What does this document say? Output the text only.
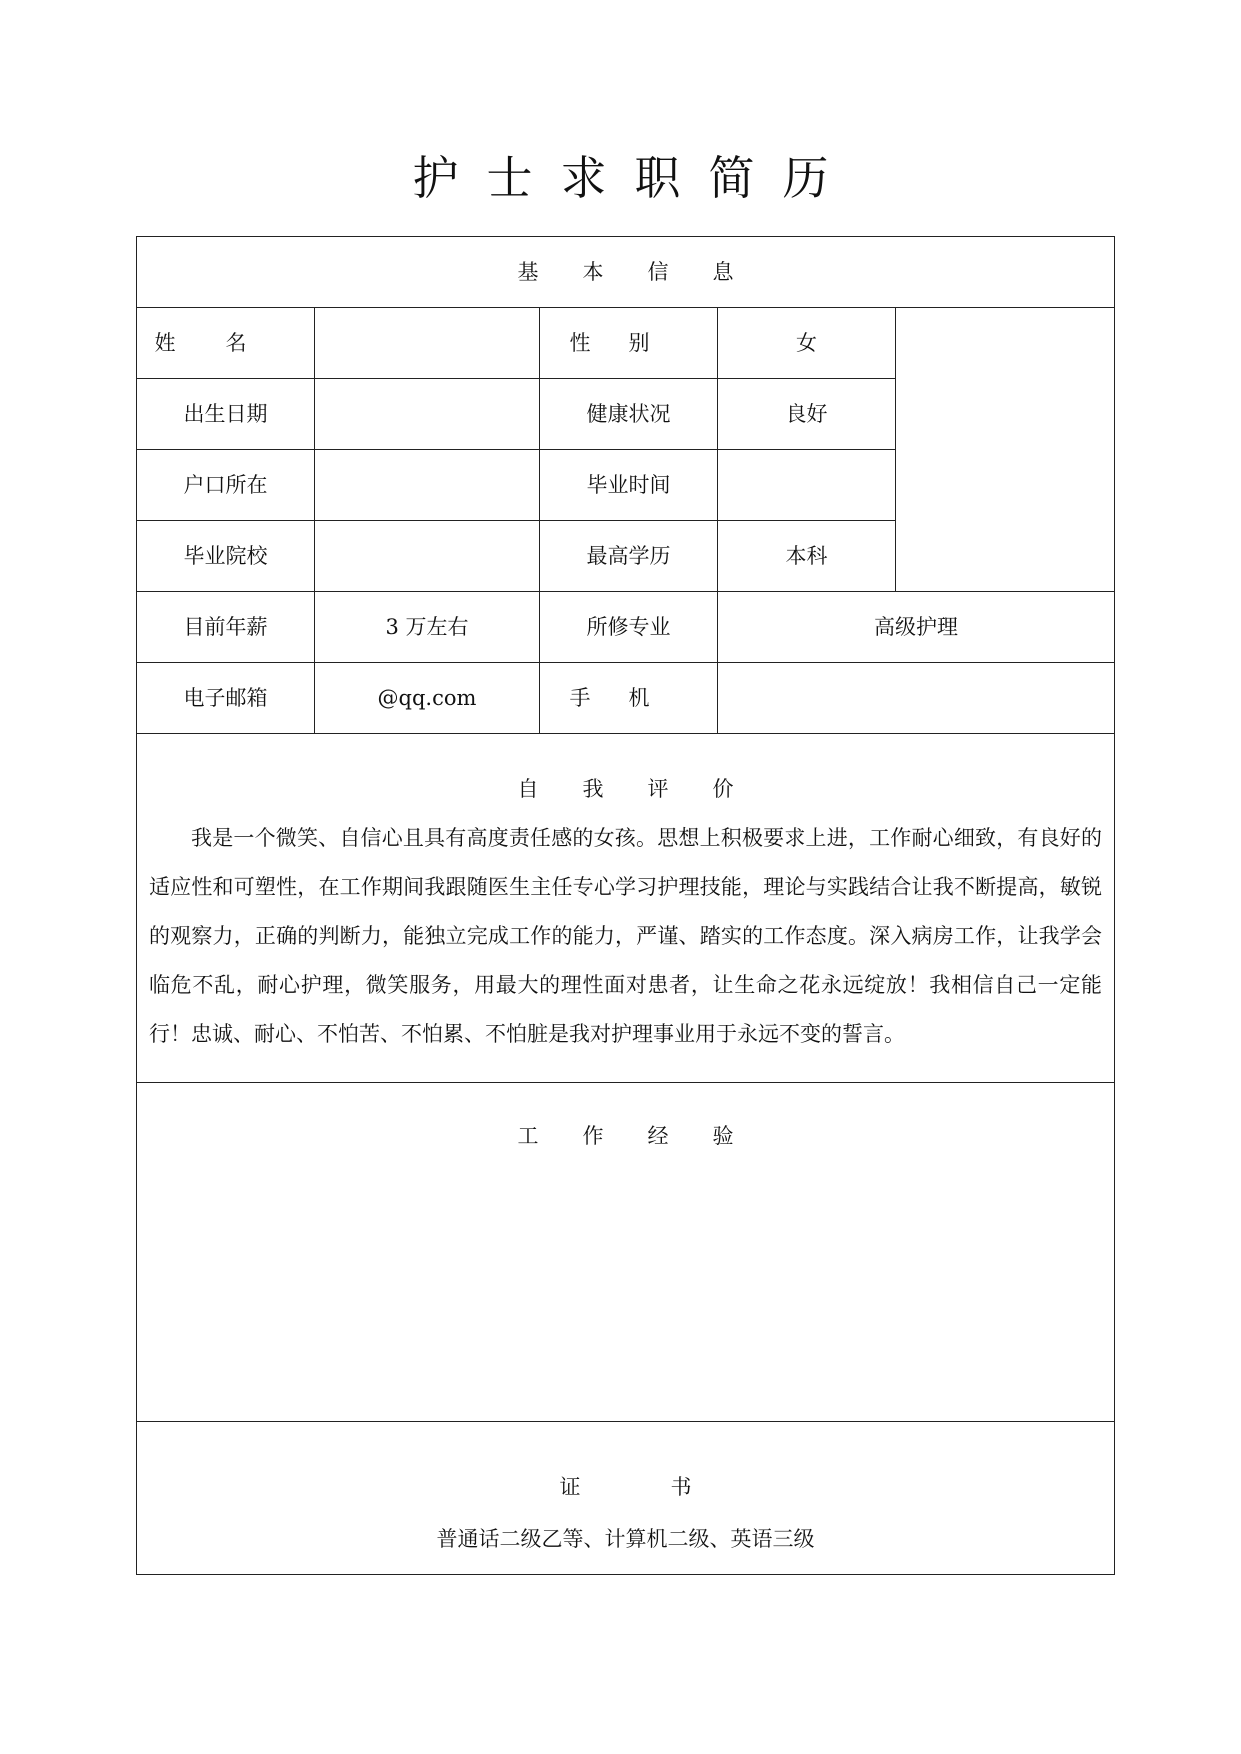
护士求职简历
基本信息				

姓名		性别	女	
出生日期		健康状况	良好	
户口所在		毕业时间		
毕业院校		最高学历	本科	
目前年薪	3 万左右	所修专业	高级护理	
电子邮箱	@qq.com	手机		

自我评价
我是一个微笑、自信心且具有高度责任感的女孩。思想上积极要求上进，工作耐心细致，有良好的适应性和可塑性，在工作期间我跟随医生主任专心学习护理技能，理论与实践结合让我不断提高，敏锐的观察力，正确的判断力，能独立完成工作的能力，严谨、踏实的工作态度。深入病房工作，让我学会临危不乱，耐心护理，微笑服务，用最大的理性面对患者，让生命之花永远绽放！我相信自己一定能行！忠诚、耐心、不怕苦、不怕累、不怕脏是我对护理事业用于永远不变的誓言。				

工作经验				

证书
普通话二级乙等、计算机二级、英语三级				
